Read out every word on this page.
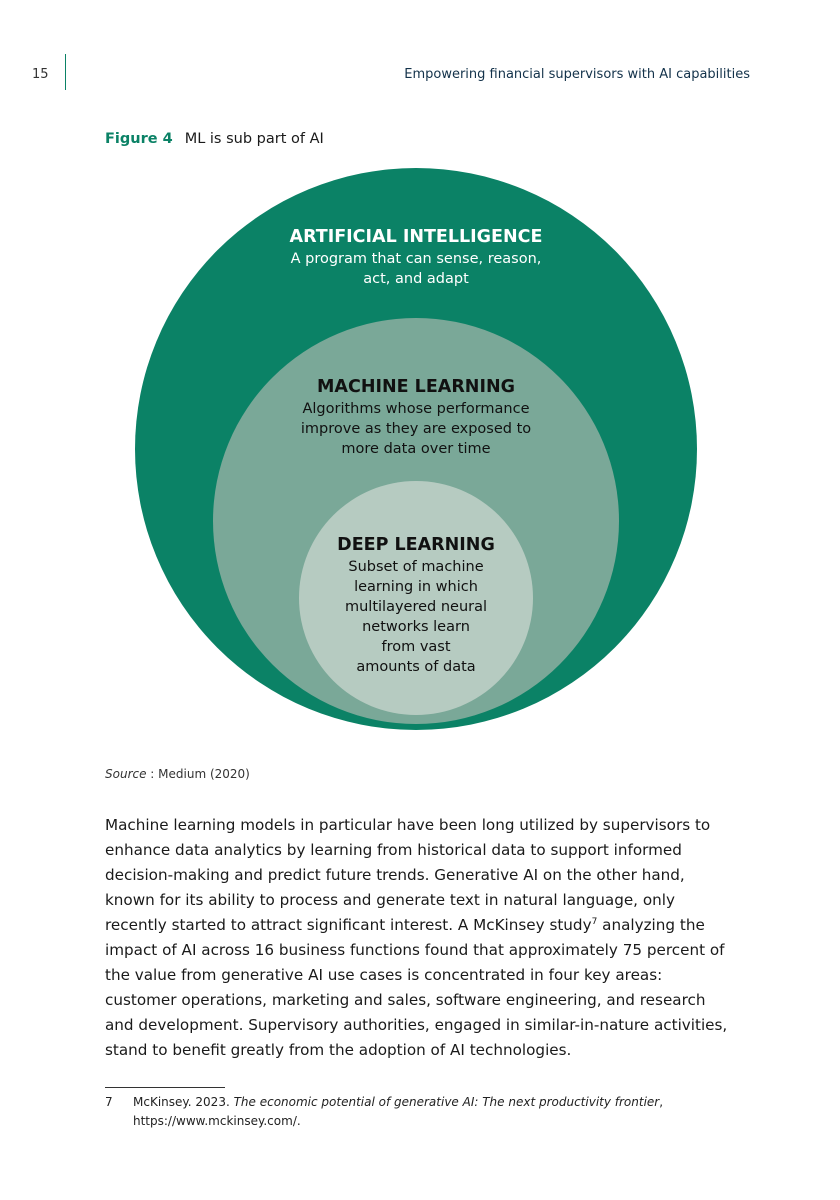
15	Empowering financial supervisors with AI capabilities
Figure 4 ML is sub part of AI
ARTIFICIAL INTELLIGENCE
A program that can sense, reason,
act, and adapt
MACHINE LEARNING
Algorithms whose performance
improve as they are exposed to
more data over time
DEEP LEARNING
Subset of machine
learning in which
multilayered neural
networks learn
from vast
amounts of data
Source : Medium (2020)

Machine learning models in particular have been long utilized by supervisors to enhance data analytics by learning from historical data to support informed decision-making and predict future trends. Generative AI on the other hand, known for its ability to process and generate text in natural language, only recently started to attract significant interest. A McKinsey study$^7$ analyzing the impact of AI across 16 business functions found that approximately 75 percent of the value from generative AI use cases is concentrated in four key areas: customer operations, marketing and sales, software engineering, and research and development. Supervisory authorities, engaged in similar-in-nature activities, stand to benefit greatly from the adoption of AI technologies.

7 McKinsey. 2023. The economic potential of generative AI: The next productivity frontier, https://www.mckinsey.com/.
